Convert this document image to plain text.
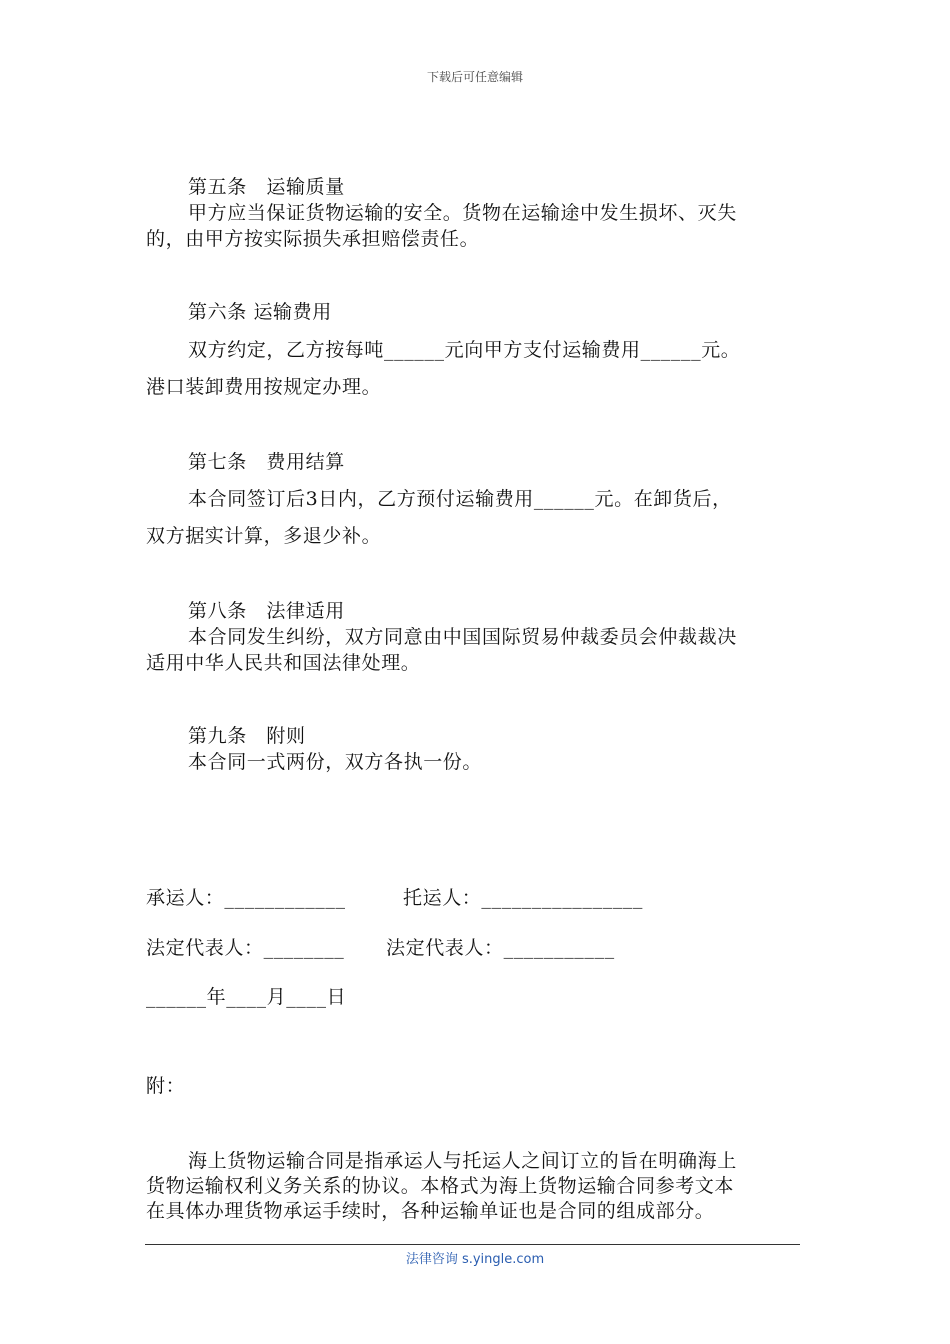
下载后可任意编辑
第五条　运输质量
甲方应当保证货物运输的安全。货物在运输途中发生损坏、灭失
的，由甲方按实际损失承担赔偿责任。
第六条 运输费用
双方约定，乙方按每吨______元向甲方支付运输费用______元。
港口装卸费用按规定办理。
第七条　费用结算
本合同签订后3日内，乙方预付运输费用______元。在卸货后，
双方据实计算，多退少补。
第八条　法律适用
本合同发生纠纷，双方同意由中国国际贸易仲裁委员会仲裁裁决
适用中华人民共和国法律处理。
第九条　附则
本合同一式两份，双方各执一份。
承运人：____________	托运人：________________
法定代表人：________ 法定代表人：___________
______年____月____日
附：
海上货物运输合同是指承运人与托运人之间订立的旨在明确海上
货物运输权利义务关系的协议。本格式为海上货物运输合同参考文本
在具体办理货物承运手续时，各种运输单证也是合同的组成部分。
法律咨询 s.yingle.com
